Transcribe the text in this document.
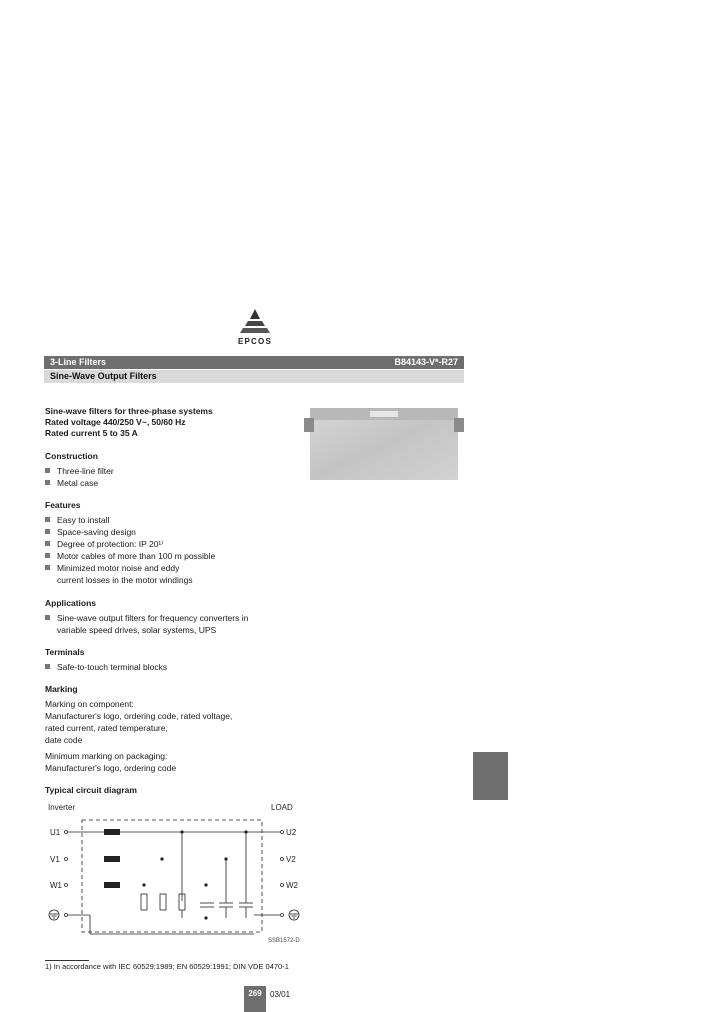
EPCOS
3-Line Filters	B84143-V*-R27
Sine-Wave Output Filters
Sine-wave filters for three-phase systems
Rated voltage 440/250 V~, 50/60 Hz
Rated current 5 to 35 A
Construction
Three-line filter
Metal case
Features
Easy to install
Space-saving design
Degree of protection: IP 20¹⁾
Motor cables of more than 100 m possible
Minimized motor noise and eddy
current losses in the motor windings
Applications
Sine-wave output filters for frequency converters in
variable speed drives, solar systems, UPS
Terminals
Safe-to-touch terminal blocks
Marking
Marking on component:
Manufacturer's logo, ordering code, rated voltage,
rated current, rated temperature,
date code
Minimum marking on packaging:
Manufacturer's logo, ordering code
Typical circuit diagram
Inverter	LOAD
U1
V1
W1
U2
V2
W2
SSB1572-D
1) In accordance with IEC 60529:1989; EN 60529:1991; DIN VDE 0470-1
269	03/01
